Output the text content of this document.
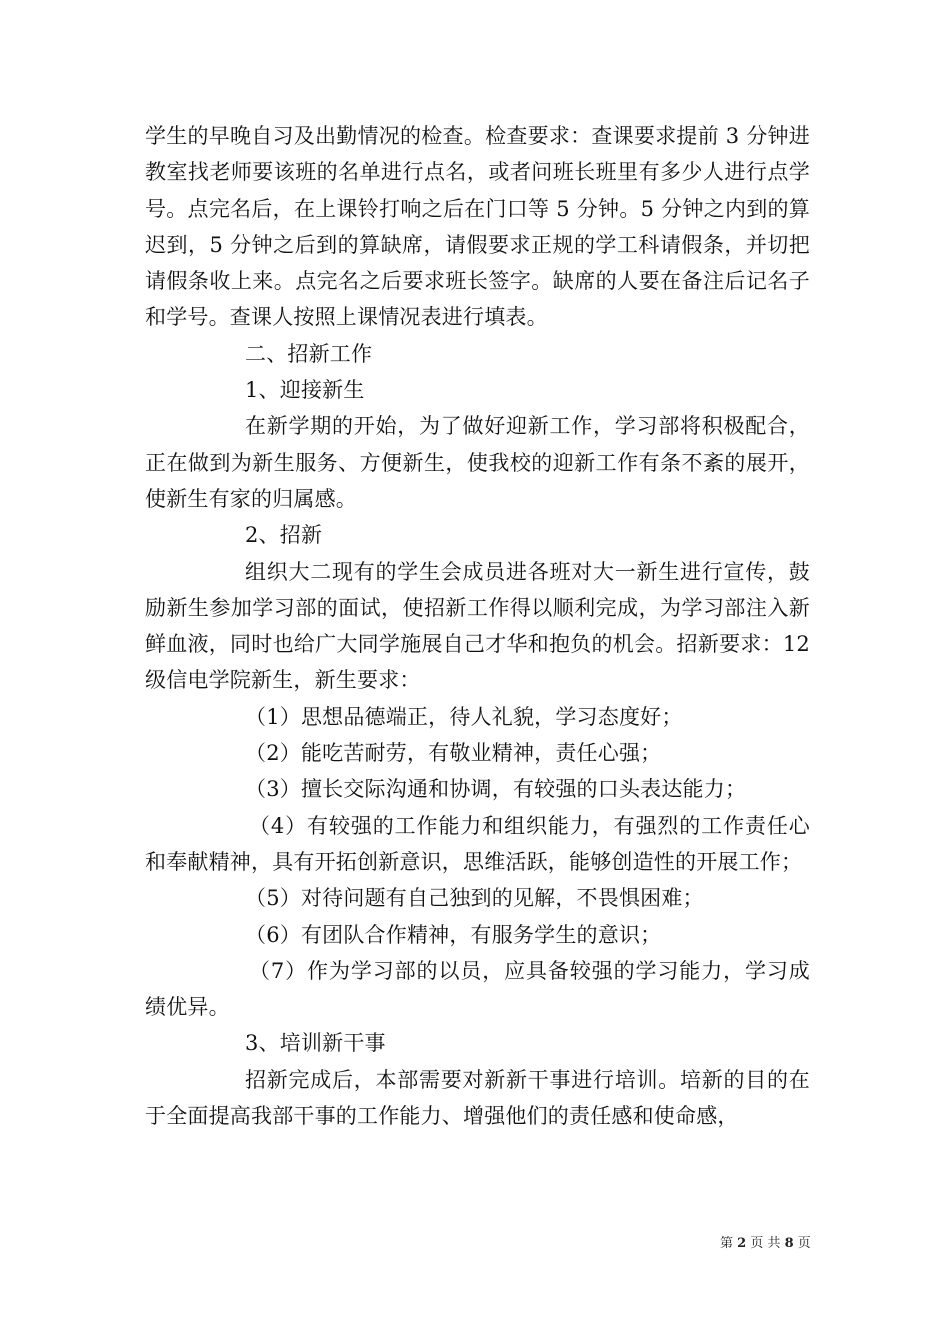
学生的早晚自习及出勤情况的检查。检查要求：查课要求提前 3 分钟进教室找老师要该班的名单进行点名，或者问班长班里有多少人进行点学号。点完名后，在上课铃打响之后在门口等 5 分钟。5 分钟之内到的算迟到，5 分钟之后到的算缺席，请假要求正规的学工科请假条，并切把请假条收上来。点完名之后要求班长签字。缺席的人要在备注后记名子和学号。查课人按照上课情况表进行填表。

二、招新工作

1、迎接新生

在新学期的开始，为了做好迎新工作，学习部将积极配合，正在做到为新生服务、方便新生，使我校的迎新工作有条不紊的展开，使新生有家的归属感。

2、招新

组织大二现有的学生会成员进各班对大一新生进行宣传，鼓励新生参加学习部的面试，使招新工作得以顺利完成，为学习部注入新鲜血液，同时也给广大同学施展自己才华和抱负的机会。招新要求：12 级信电学院新生，新生要求：

（1）思想品德端正，待人礼貌，学习态度好；

（2）能吃苦耐劳，有敬业精神，责任心强；

（3）擅长交际沟通和协调，有较强的口头表达能力；

（4）有较强的工作能力和组织能力，有强烈的工作责任心和奉献精神，具有开拓创新意识，思维活跃，能够创造性的开展工作；

（5）对待问题有自己独到的见解，不畏惧困难；

（6）有团队合作精神，有服务学生的意识；

（7）作为学习部的以员，应具备较强的学习能力，学习成绩优异。

3、培训新干事

招新完成后，本部需要对新新干事进行培训。培新的目的在于全面提高我部干事的工作能力、增强他们的责任感和使命感，

第 2 页 共 8 页
